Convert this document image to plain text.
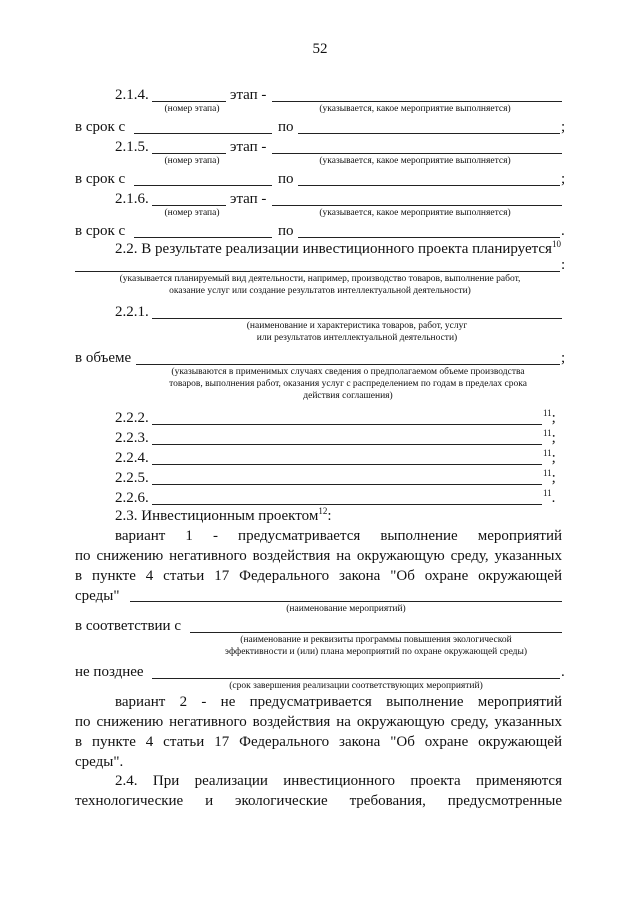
52
2.1.4.	этап -
(номер этапа)	(указывается, какое мероприятие выполняется)
в срок с	по	;
2.1.5.	этап -
(номер этапа)	(указывается, какое мероприятие выполняется)
в срок с	по	;
2.1.6.	этап -
(номер этапа)	(указывается, какое мероприятие выполняется)
в срок с	по	.
2.2. В результате реализации инвестиционного проекта планируется$^{10}$
:
(указывается планируемый вид деятельности, например, производство товаров, выполнение работ,
оказание услуг или создание результатов интеллектуальной деятельности)
2.2.1.
(наименование и характеристика товаров, работ, услуг
или результатов интеллектуальной деятельности)
в объеме	;
(указываются в применимых случаях сведения о предполагаемом объеме производства
товаров, выполнения работ, оказания услуг с распределением по годам в пределах срока
действия соглашения)
2.2.2.	$^{11}$;
2.2.3.	$^{11}$;
2.2.4.	$^{11}$;
2.2.5.	$^{11}$;
2.2.6.	$^{11}$.
2.3. Инвестиционным проектом$^{12}$:
вариант 1 - предусматривается выполнение мероприятий
по снижению негативного воздействия на окружающую среду, указанных
в пункте 4 статьи 17 Федерального закона "Об охране окружающей
среды"
(наименование мероприятий)
в соответствии с
(наименование и реквизиты программы повышения экологической
эффективности и (или) плана мероприятий по охране окружающей среды)
не позднее	.
(срок завершения реализации соответствующих мероприятий)
вариант 2 - не предусматривается выполнение мероприятий
по снижению негативного воздействия на окружающую среду, указанных
в пункте 4 статьи 17 Федерального закона "Об охране окружающей
среды".
2.4. При реализации инвестиционного проекта применяются
технологические и экологические требования, предусмотренные
